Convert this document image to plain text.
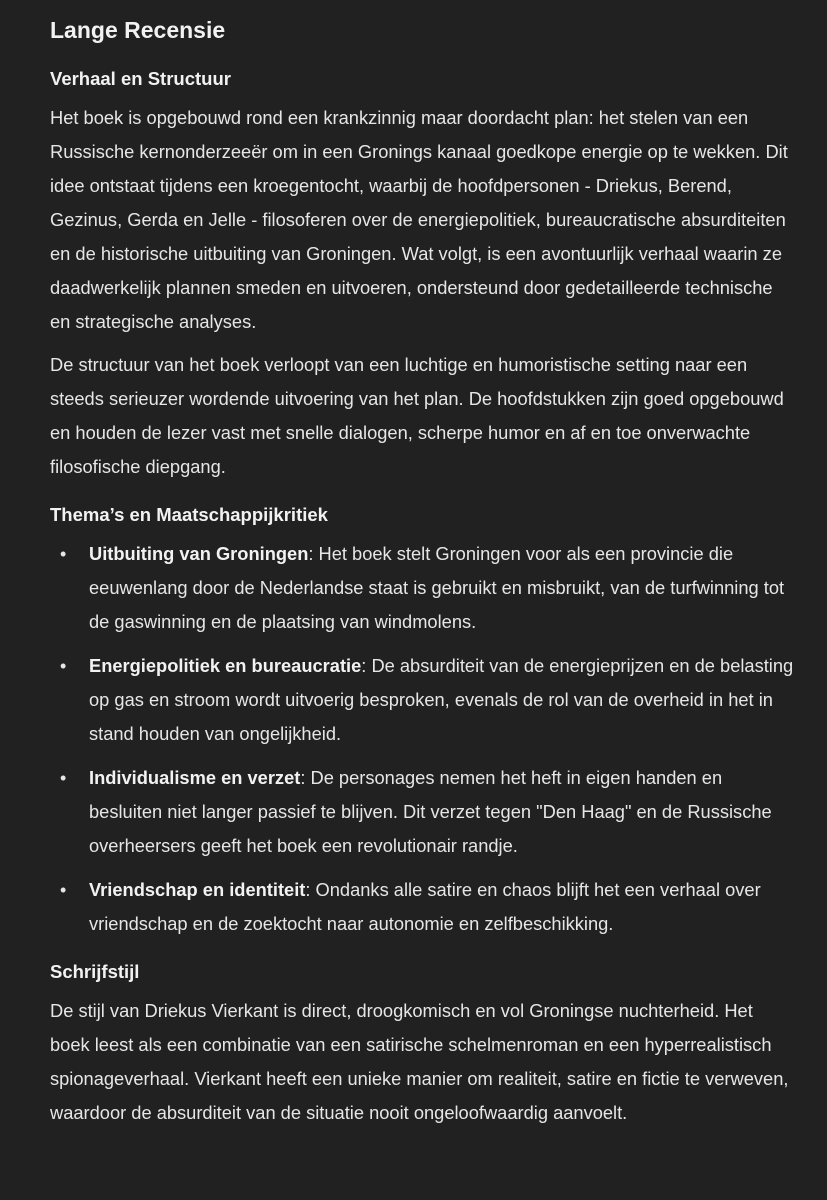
Lange Recensie
Verhaal en Structuur

Het boek is opgebouwd rond een krankzinnig maar doordacht plan: het stelen van een Russische kernonderzeeër om in een Gronings kanaal goedkope energie op te wekken. Dit idee ontstaat tijdens een kroegentocht, waarbij de hoofdpersonen - Driekus, Berend, Gezinus, Gerda en Jelle - filosoferen over de energiepolitiek, bureaucratische absurditeiten en de historische uitbuiting van Groningen. Wat volgt, is een avontuurlijk verhaal waarin ze daadwerkelijk plannen smeden en uitvoeren, ondersteund door gedetailleerde technische en strategische analyses.

De structuur van het boek verloopt van een luchtige en humoristische setting naar een steeds serieuzer wordende uitvoering van het plan. De hoofdstukken zijn goed opgebouwd en houden de lezer vast met snelle dialogen, scherpe humor en af en toe onverwachte filosofische diepgang.

Thema’s en Maatschappijkritiek
• Uitbuiting van Groningen: Het boek stelt Groningen voor als een provincie die eeuwenlang door de Nederlandse staat is gebruikt en misbruikt, van de turfwinning tot de gaswinning en de plaatsing van windmolens.
• Energiepolitiek en bureaucratie: De absurditeit van de energieprijzen en de belasting op gas en stroom wordt uitvoerig besproken, evenals de rol van de overheid in het in stand houden van ongelijkheid.
• Individualisme en verzet: De personages nemen het heft in eigen handen en besluiten niet langer passief te blijven. Dit verzet tegen "Den Haag" en de Russische overheersers geeft het boek een revolutionair randje.
• Vriendschap en identiteit: Ondanks alle satire en chaos blijft het een verhaal over vriendschap en de zoektocht naar autonomie en zelfbeschikking.
Schrijfstijl

De stijl van Driekus Vierkant is direct, droogkomisch en vol Groningse nuchterheid. Het boek leest als een combinatie van een satirische schelmenroman en een hyperrealistisch spionageverhaal. Vierkant heeft een unieke manier om realiteit, satire en fictie te verweven, waardoor de absurditeit van de situatie nooit ongeloofwaardig aanvoelt.
